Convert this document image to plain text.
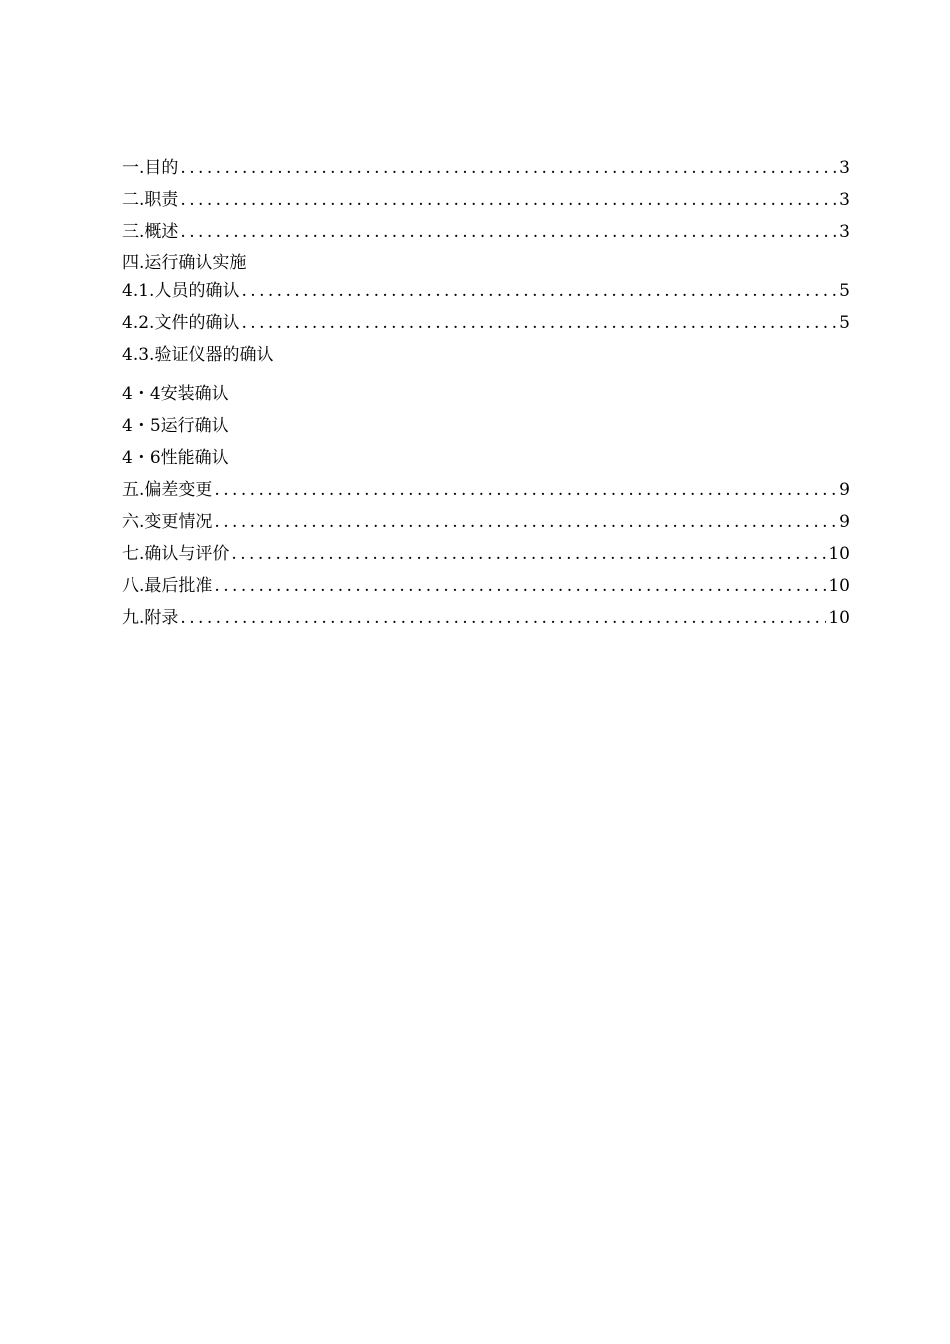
一.目的 . . .	3
二.职责 . . .	3
三.概述 . . .	3
四.运行确认实施
4.1.人员的确认 . . .	5
4.2.文件的确认 . . .	5
4.3.验证仪器的确认
4・4安装确认
4・5运行确认
4・6性能确认
五.偏差变更 . . .	9
六.变更情况 . . .	9
七.确认与评价 . . .	10
八.最后批准 . . .	10
九.附录 . . .	10
